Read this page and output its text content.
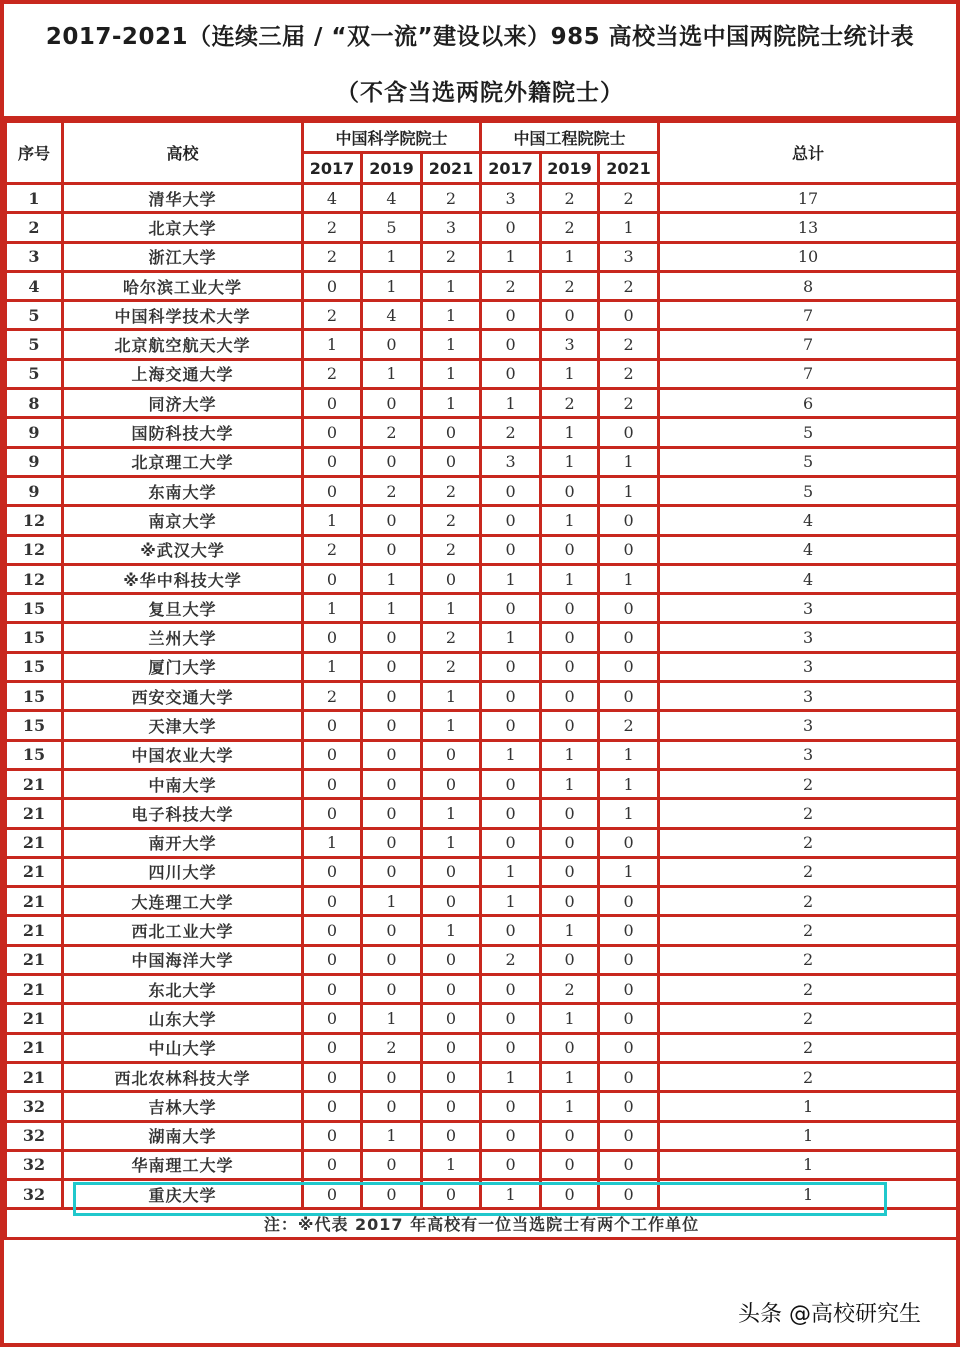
2017-2021（连续三届 / “双一流”建设以来）985 高校当选中国两院院士统计表
（不含当选两院外籍院士）
序号	高校	中国科学院院士			中国工程院院士			总计
		2017	2019	2021	2017	2019	2021	
1	清华大学	4	4	2	3	2	2	17
2	北京大学	2	5	3	0	2	1	13
3	浙江大学	2	1	2	1	1	3	10
4	哈尔滨工业大学	0	1	1	2	2	2	8
5	中国科学技术大学	2	4	1	0	0	0	7
5	北京航空航天大学	1	0	1	0	3	2	7
5	上海交通大学	2	1	1	0	1	2	7
8	同济大学	0	0	1	1	2	2	6
9	国防科技大学	0	2	0	2	1	0	5
9	北京理工大学	0	0	0	3	1	1	5
9	东南大学	0	2	2	0	0	1	5
12	南京大学	1	0	2	0	1	0	4
12	※武汉大学	2	0	2	0	0	0	4
12	※华中科技大学	0	1	0	1	1	1	4
15	复旦大学	1	1	1	0	0	0	3
15	兰州大学	0	0	2	1	0	0	3
15	厦门大学	1	0	2	0	0	0	3
15	西安交通大学	2	0	1	0	0	0	3
15	天津大学	0	0	1	0	0	2	3
15	中国农业大学	0	0	0	1	1	1	3
21	中南大学	0	0	0	0	1	1	2
21	电子科技大学	0	0	1	0	0	1	2
21	南开大学	1	0	1	0	0	0	2
21	四川大学	0	0	0	1	0	1	2
21	大连理工大学	0	1	0	1	0	0	2
21	西北工业大学	0	0	1	0	1	0	2
21	中国海洋大学	0	0	0	2	0	0	2
21	东北大学	0	0	0	0	2	0	2
21	山东大学	0	1	0	0	1	0	2
21	中山大学	0	2	0	0	0	0	2
21	西北农林科技大学	0	0	0	1	1	0	2
32	吉林大学	0	0	0	0	1	0	1
32	湖南大学	0	1	0	0	0	0	1
32	华南理工大学	0	0	1	0	0	0	1
32	重庆大学	0	0	0	1	0	0	1
注：※代表 2017 年高校有一位当选院士有两个工作单位								
头条 @高校研究生
